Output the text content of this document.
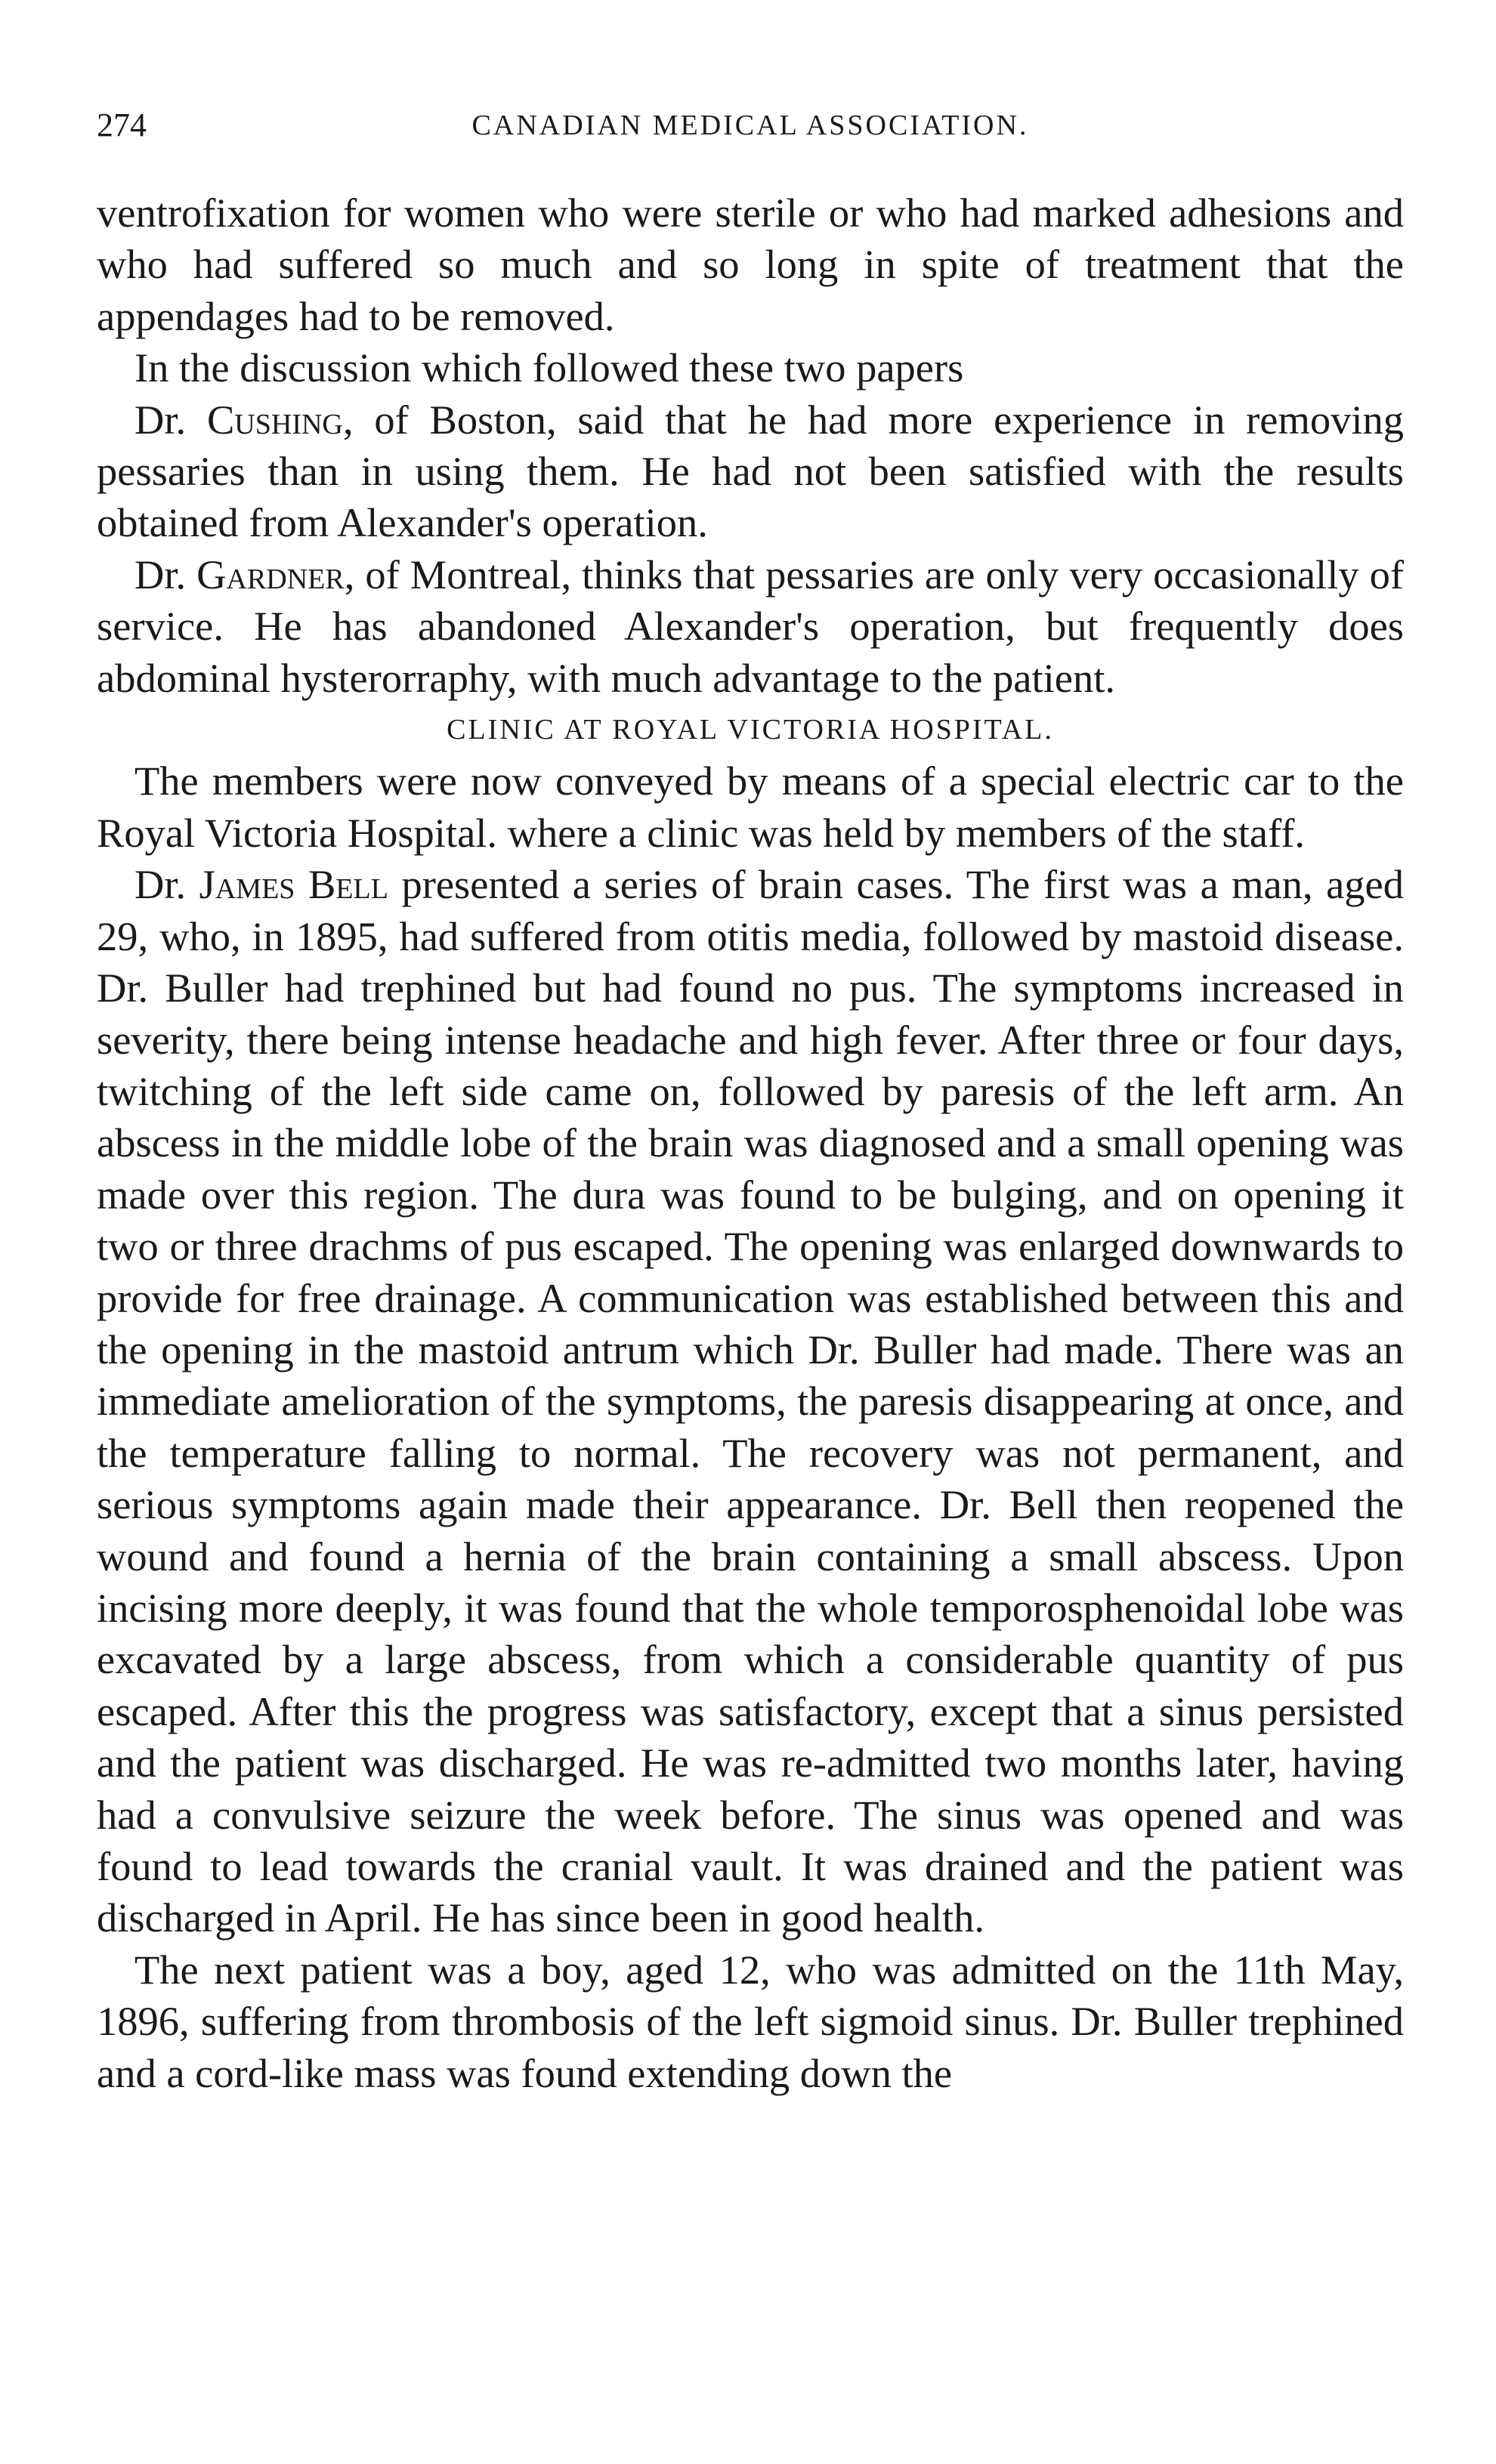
274	CANADIAN MEDICAL ASSOCIATION.

ventrofixation for women who were sterile or who had marked adhesions and who had suffered so much and so long in spite of treatment that the appendages had to be removed.

In the discussion which followed these two papers

Dr. Cushing, of Boston, said that he had more experience in removing pessaries than in using them. He had not been satisfied with the results obtained from Alexander's operation.

Dr. Gardner, of Montreal, thinks that pessaries are only very occasionally of service. He has abandoned Alexander's operation, but frequently does abdominal hysterorraphy, with much advantage to the patient.

CLINIC AT ROYAL VICTORIA HOSPITAL.

The members were now conveyed by means of a special electric car to the Royal Victoria Hospital. where a clinic was held by members of the staff.

Dr. James Bell presented a series of brain cases. The first was a man, aged 29, who, in 1895, had suffered from otitis media, followed by mastoid disease. Dr. Buller had trephined but had found no pus. The symptoms increased in severity, there being intense headache and high fever. After three or four days, twitching of the left side came on, followed by paresis of the left arm. An abscess in the middle lobe of the brain was diagnosed and a small opening was made over this region. The dura was found to be bulging, and on opening it two or three drachms of pus escaped. The opening was enlarged downwards to provide for free drainage. A communication was established between this and the opening in the mastoid antrum which Dr. Buller had made. There was an immediate amelioration of the symptoms, the paresis disappearing at once, and the temperature falling to normal. The recovery was not permanent, and serious symptoms again made their appearance. Dr. Bell then reopened the wound and found a hernia of the brain containing a small abscess. Upon incising more deeply, it was found that the whole temporosphenoidal lobe was excavated by a large abscess, from which a considerable quantity of pus escaped. After this the progress was satisfactory, except that a sinus persisted and the patient was discharged. He was re-admitted two months later, having had a convulsive seizure the week before. The sinus was opened and was found to lead towards the cranial vault. It was drained and the patient was discharged in April. He has since been in good health.

The next patient was a boy, aged 12, who was admitted on the 11th May, 1896, suffering from thrombosis of the left sigmoid sinus. Dr. Buller trephined and a cord-like mass was found extending down the
